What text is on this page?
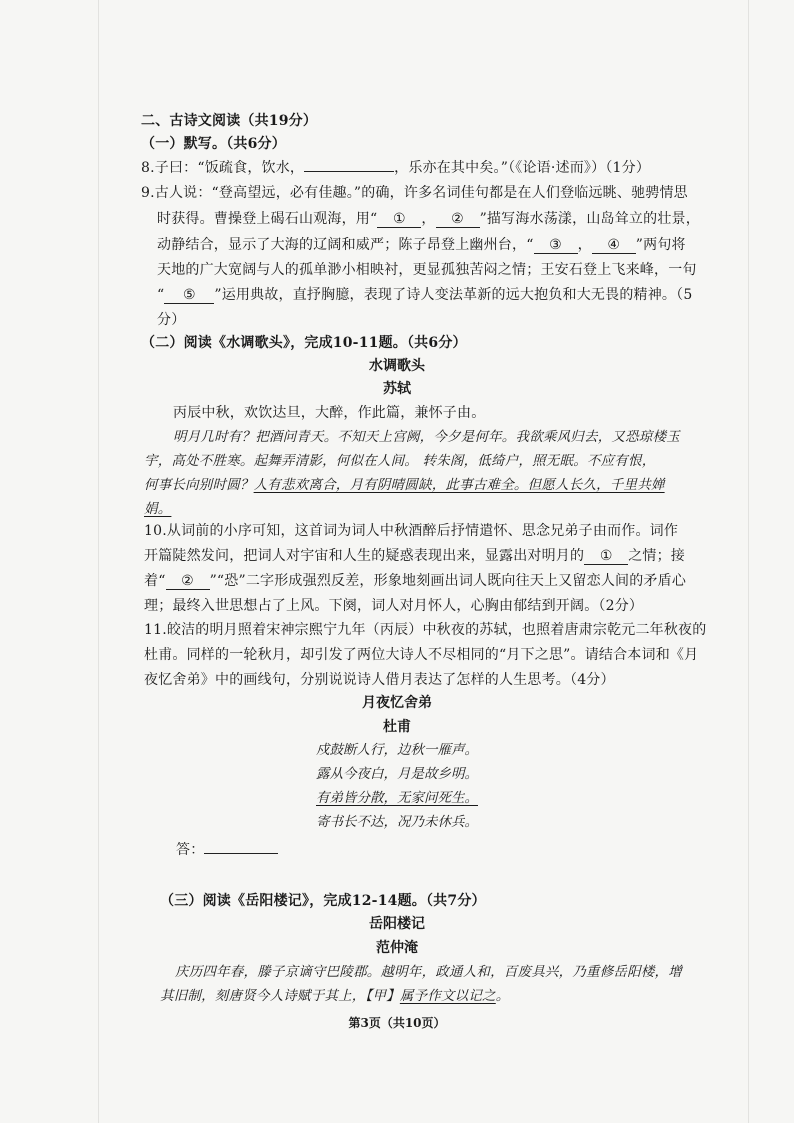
二、古诗文阅读（共19分）
（一）默写。（共6分）
8.子曰：“饭疏食，饮水，	，乐亦在其中矣。”（《论语·述而》）（1分）
9.古人说：“登高望远，必有佳趣。”的确，许多名词佳句都是在人们登临远眺、驰骋情思
时获得。曹操登上碣石山观海，用“ ① ， ② ”描写海水荡漾，山岛耸立的壮景，
动静结合，显示了大海的辽阔和威严；陈子昂登上幽州台，“ ③ ， ④ ”两句将
天地的广大宽阔与人的孤单渺小相映衬，更显孤独苦闷之情；王安石登上飞来峰，一句
“ ⑤ ”运用典故，直抒胸臆，表现了诗人变法革新的远大抱负和大无畏的精神。（5
分）
（二）阅读《水调歌头》，完成10-11题。（共6分）
水调歌头
苏轼
丙辰中秋，欢饮达旦，大醉，作此篇，兼怀子由。
明月几时有？把酒问青天。不知天上宫阙，今夕是何年。我欲乘风归去，又恐琼楼玉
宇，高处不胜寒。起舞弄清影，何似在人间。 转朱阁，低绮户，照无眠。不应有恨，
何事长向别时圆？人有悲欢离合，月有阴晴圆缺，此事古难全。但愿人长久，千里共婵
娟。
10.从词前的小序可知，这首词为词人中秋酒醉后抒情遣怀、思念兄弟子由而作。词作
开篇陡然发问，把词人对宇宙和人生的疑惑表现出来，显露出对明月的 ① 之情；接
着“ ② ”“恐”二字形成强烈反差，形象地刻画出词人既向往天上又留恋人间的矛盾心
理；最终入世思想占了上风。下阕，词人对月怀人，心胸由郁结到开阔。（2分）
11.皎洁的明月照着宋神宗熙宁九年（丙辰）中秋夜的苏轼，也照着唐肃宗乾元二年秋夜的
杜甫。同样的一轮秋月，却引发了两位大诗人不尽相同的“月下之思”。请结合本词和《月
夜忆舍弟》中的画线句，分别说说诗人借月表达了怎样的人生思考。（4分）
月夜忆舍弟
杜甫
戍鼓断人行，边秋一雁声。
露从今夜白，月是故乡明。
有弟皆分散，无家问死生。
寄书长不达，况乃未休兵。
答：
（三）阅读《岳阳楼记》，完成12-14题。（共7分）
岳阳楼记
范仲淹
庆历四年春，滕子京谪守巴陵郡。越明年，政通人和，百废具兴，乃重修岳阳楼，增
其旧制，刻唐贤今人诗赋于其上，【甲】属予作文以记之。
第3页（共10页）
